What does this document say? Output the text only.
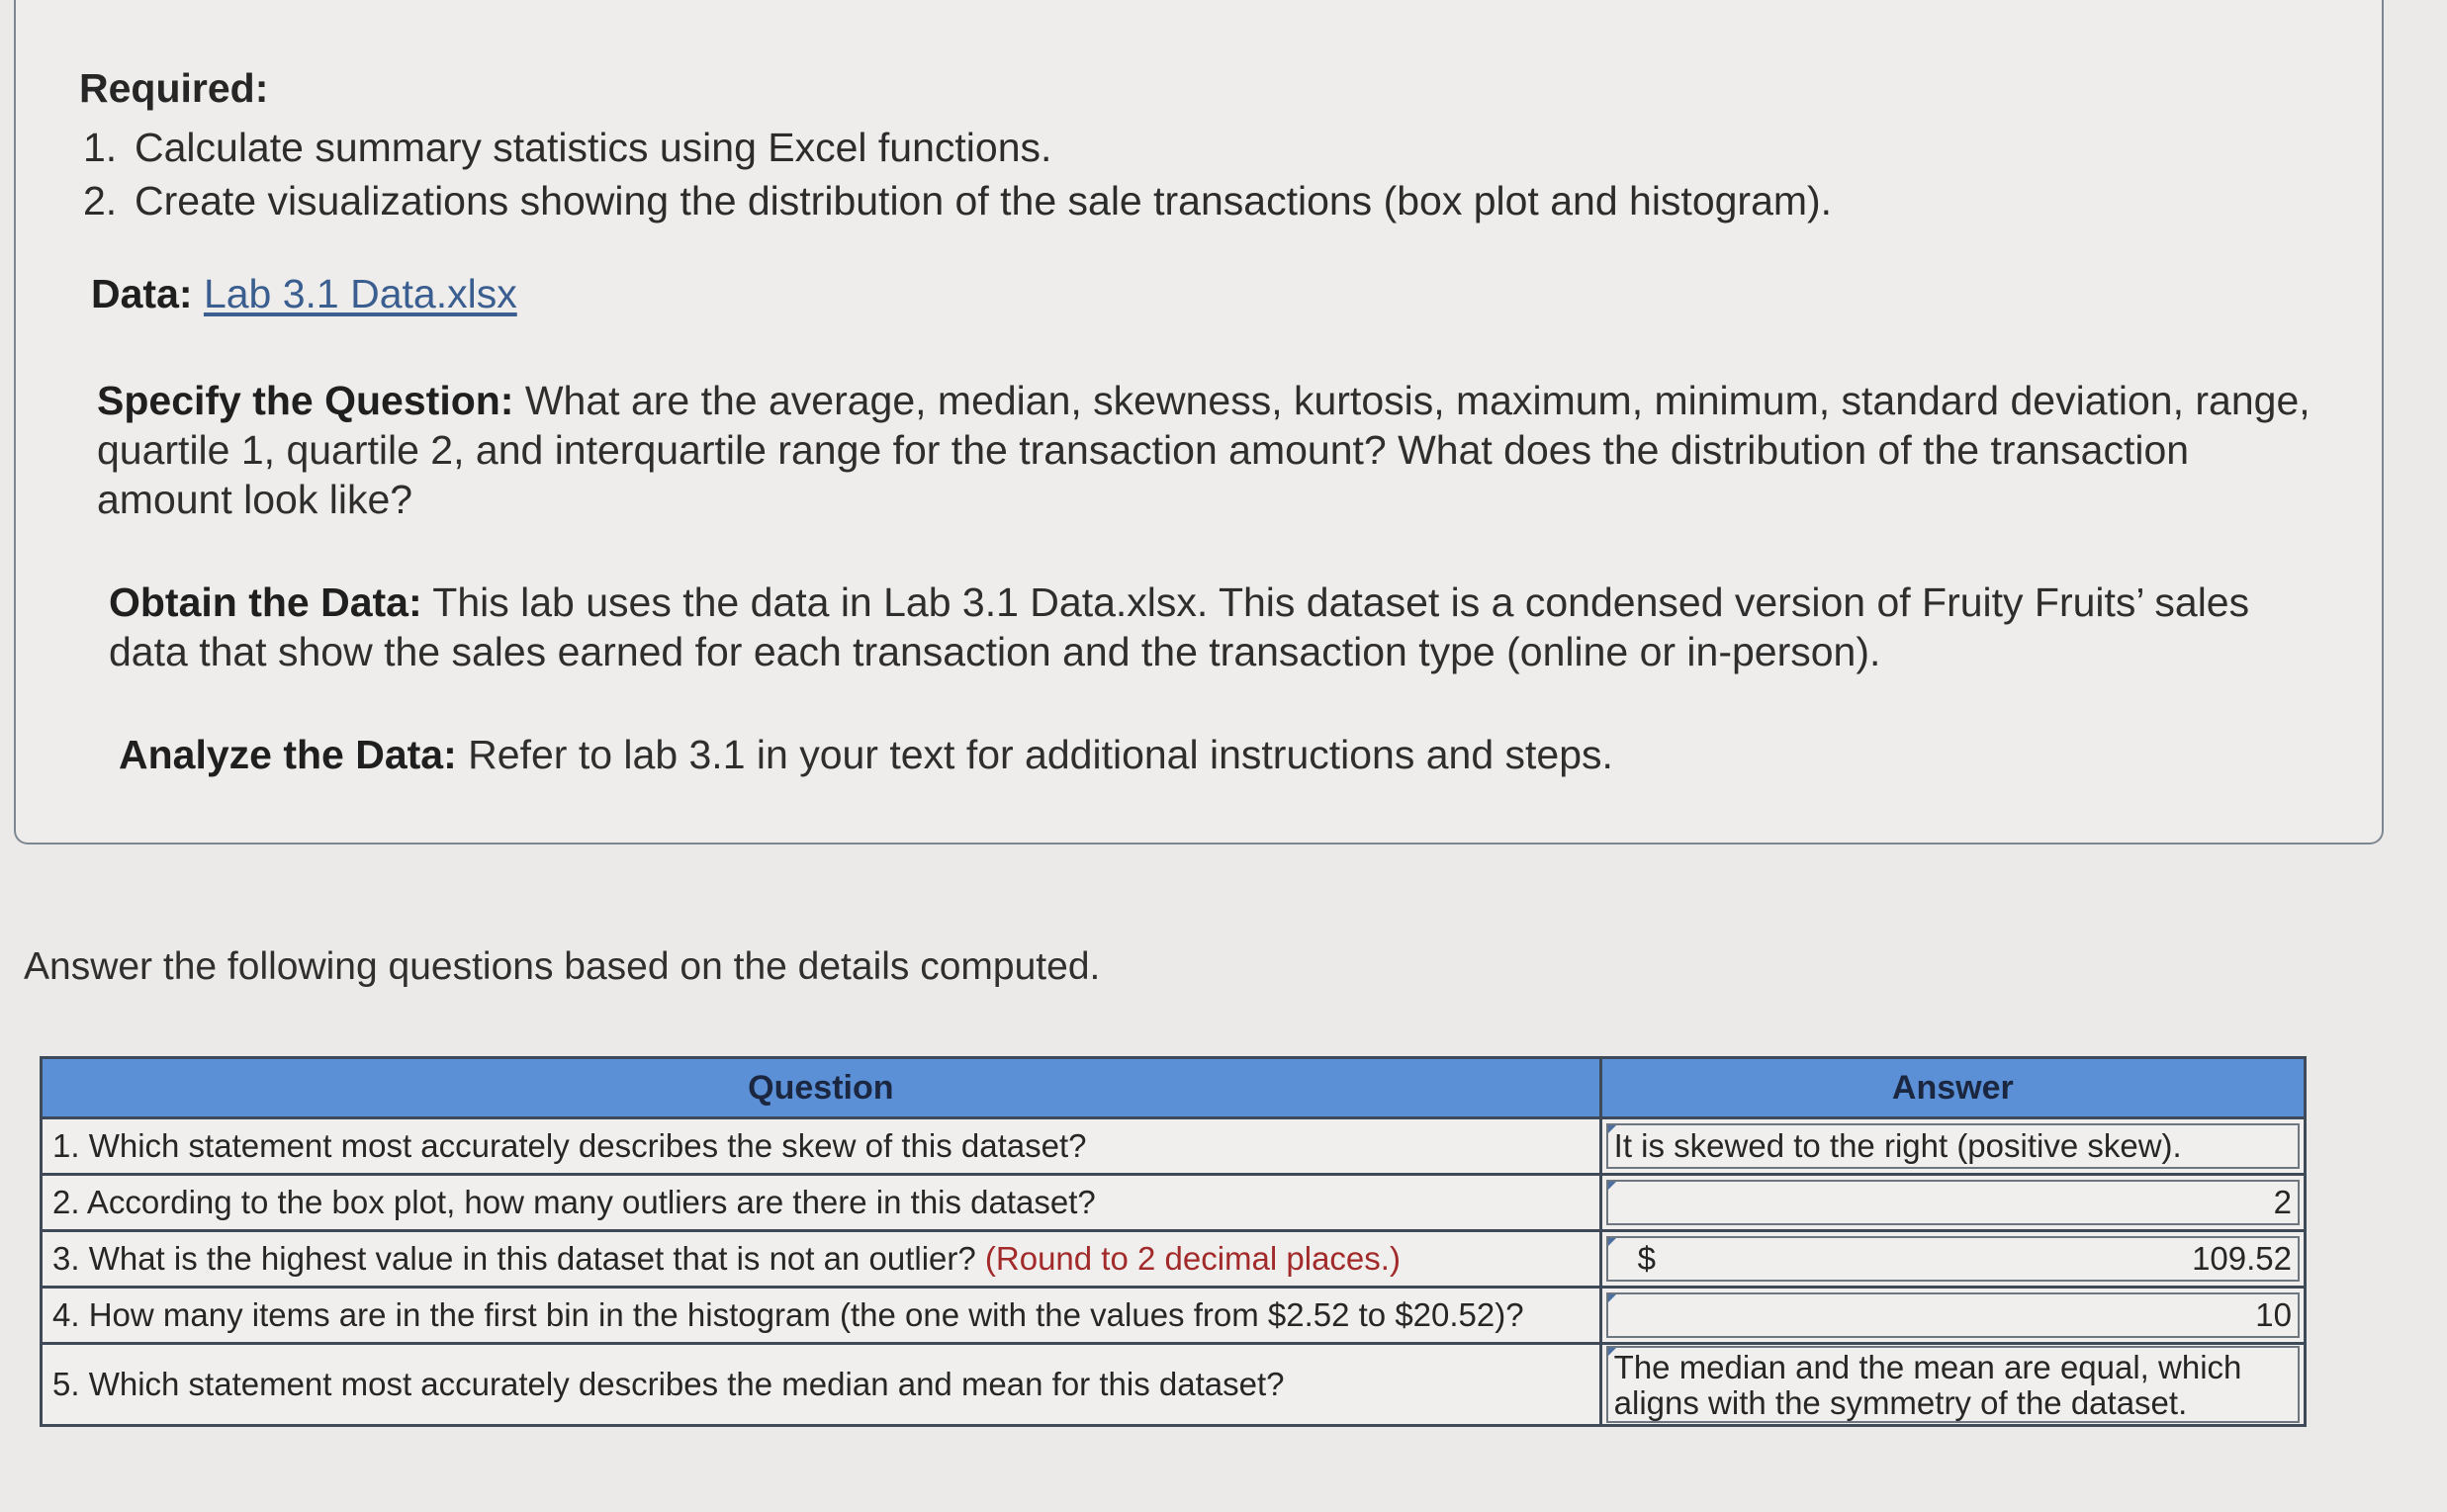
Required:
1. Calculate summary statistics using Excel functions.
2. Create visualizations showing the distribution of the sale transactions (box plot and histogram).
Data: Lab 3.1 Data.xlsx
Specify the Question: What are the average, median, skewness, kurtosis, maximum, minimum, standard deviation, range, quartile 1, quartile 2, and interquartile range for the transaction amount? What does the distribution of the transaction amount look like?
Obtain the Data: This lab uses the data in Lab 3.1 Data.xlsx. This dataset is a condensed version of Fruity Fruits’ sales data that show the sales earned for each transaction and the transaction type (online or in-person).
Analyze the Data: Refer to lab 3.1 in your text for additional instructions and steps.
Answer the following questions based on the details computed.
Question	Answer
1. Which statement most accurately describes the skew of this dataset?	It is skewed to the right (positive skew).

2. According to the box plot, how many outliers are there in this dataset?	2

3. What is the highest value in this dataset that is not an outlier? (Round to 2 decimal places.)	$ 109.52

4. How many items are in the first bin in the histogram (the one with the values from $2.52 to $20.52)?	10

5. Which statement most accurately describes the median and mean for this dataset?	The median and the mean are equal, which aligns with the symmetry of the dataset.
